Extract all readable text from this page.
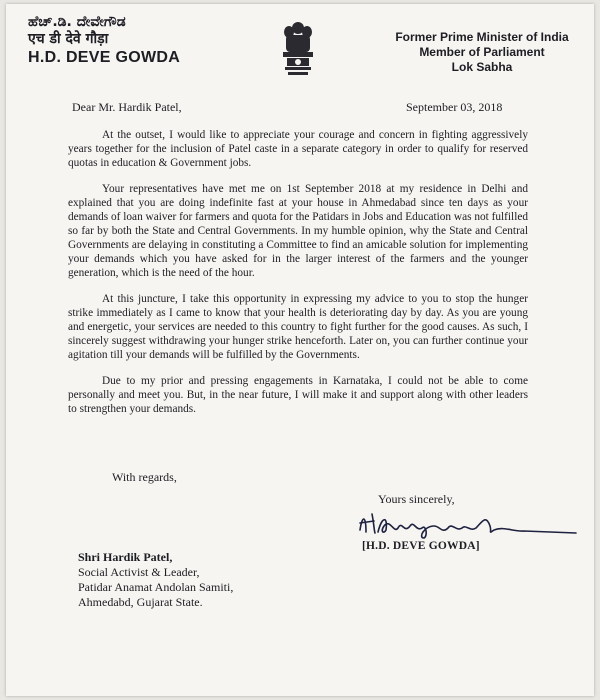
ಹೆಚ್.ಡಿ. ದೇವೇಗೌಡ
एच डी देवे गौड़ा
H.D. DEVE GOWDA
Former Prime Minister of India
Member of Parliament
Lok Sabha
Dear Mr. Hardik Patel,	September 03, 2018

At the outset, I would like to appreciate your courage and concern in fighting aggressively years together for the inclusion of Patel caste in a separate category in order to qualify for reserved quotas in education & Government jobs.

Your representatives have met me on 1st September 2018 at my residence in Delhi and explained that you are doing indefinite fast at your house in Ahmedabad since ten days as your demands of loan waiver for farmers and quota for the Patidars in Jobs and Education was not fulfilled so far by both the State and Central Governments. In my humble opinion, why the State and Central Governments are delaying in constituting a Committee to find an amicable solution for implementing your demands which you have asked for in the larger interest of the farmers and the younger generation, which is the need of the hour.

At this juncture, I take this opportunity in expressing my advice to you to stop the hunger strike immediately as I came to know that your health is deteriorating day by day. As you are young and energetic, your services are needed to this country to fight further for the good causes. As such, I sincerely suggest withdrawing your hunger strike henceforth. Later on, you can further continue your agitation till your demands will be fulfilled by the Governments.

Due to my prior and pressing engagements in Karnataka, I could not be able to come personally and meet you. But, in the near future, I will make it and support along with other leaders to strengthen your demands.

With regards,
Yours sincerely,
[H.D. DEVE GOWDA]
Shri Hardik Patel,
Social Activist & Leader,
Patidar Anamat Andolan Samiti,
Ahmedabd, Gujarat State.
